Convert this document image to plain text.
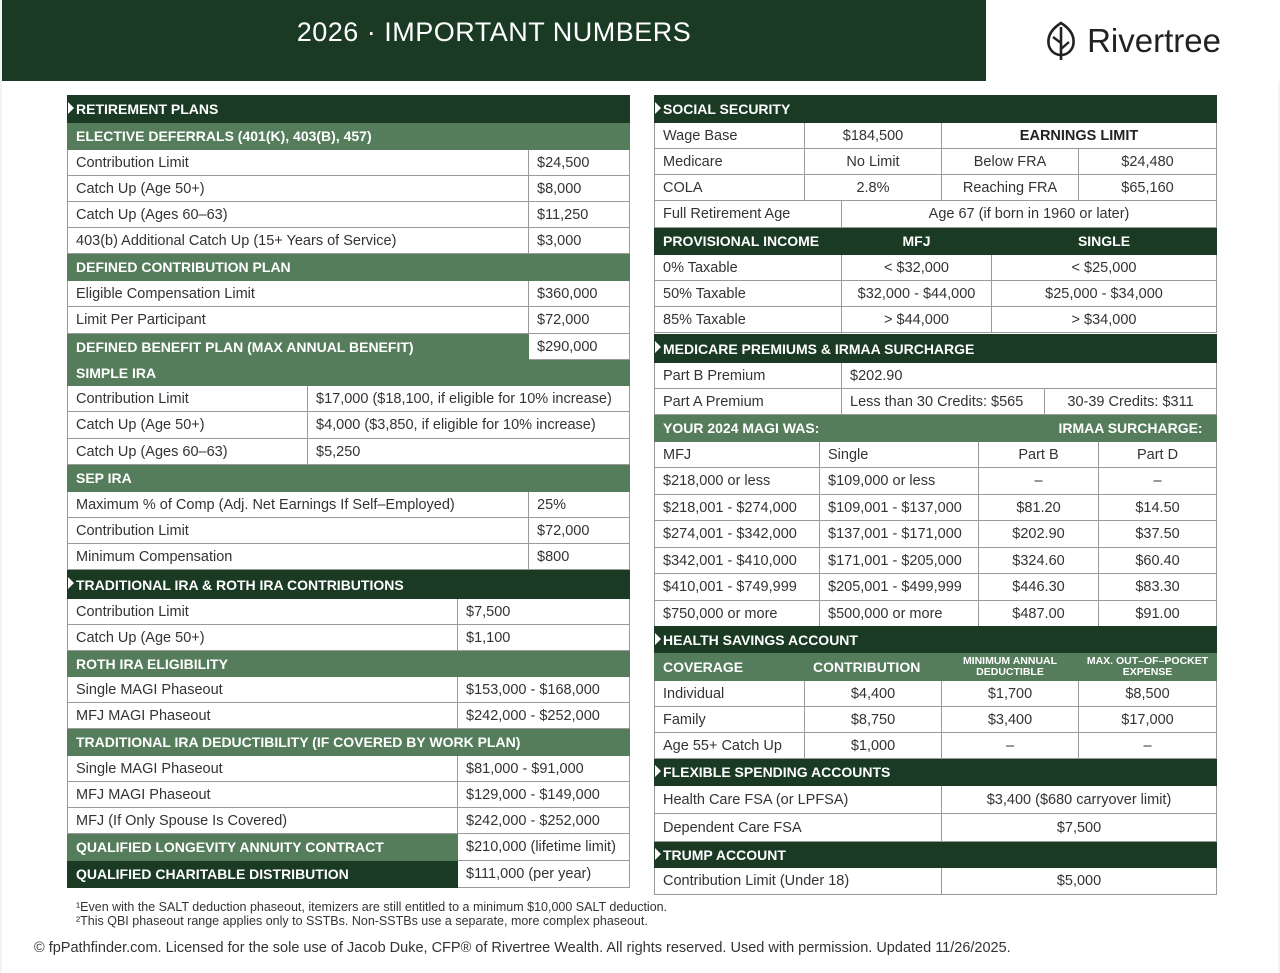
2026 · IMPORTANT NUMBERS	Rivertree
RETIREMENT PLANS		
ELECTIVE DEFERRALS (401(K), 403(B), 457)		
Contribution Limit		$24,500
Catch Up (Age 50+)		$8,000
Catch Up (Ages 60–63)		$11,250
403(b) Additional Catch Up (15+ Years of Service)		$3,000
DEFINED CONTRIBUTION PLAN		
Eligible Compensation Limit		$360,000
Limit Per Participant		$72,000
DEFINED BENEFIT PLAN (MAX ANNUAL BENEFIT)		$290,000
SIMPLE IRA		
Contribution Limit	$17,000 ($18,100, if eligible for 10% increase)	
Catch Up (Age 50+)	$4,000 ($3,850, if eligible for 10% increase)	
Catch Up (Ages 60–63)	$5,250	
SEP IRA		
Maximum % of Comp (Adj. Net Earnings If Self–Employed)		25%
Contribution Limit		$72,000
Minimum Compensation		$800
TRADITIONAL IRA & ROTH IRA CONTRIBUTIONS	
Contribution Limit	$7,500
Catch Up (Age 50+)	$1,100
ROTH IRA ELIGIBILITY	
Single MAGI Phaseout	$153,000 - $168,000
MFJ MAGI Phaseout	$242,000 - $252,000
TRADITIONAL IRA DEDUCTIBILITY (IF COVERED BY WORK PLAN)	
Single MAGI Phaseout	$81,000 - $91,000
MFJ MAGI Phaseout	$129,000 - $149,000
MFJ (If Only Spouse Is Covered)	$242,000 - $252,000
QUALIFIED LONGEVITY ANNUITY CONTRACT	$210,000 (lifetime limit)
QUALIFIED CHARITABLE DISTRIBUTION	$111,000 (per year)
SOCIAL SECURITY					
Wage Base	$184,500		EARNINGS LIMIT		
Medicare	No Limit		Below FRA		$24,480
COLA	2.8%		Reaching FRA		$65,160
Full Retirement Age		Age 67 (if born in 1960 or later)			
PROVISIONAL INCOME		MFJ		SINGLE	
0% Taxable		< $32,000		< $25,000	
50% Taxable		$32,000 - $44,000		$25,000 - $34,000	
85% Taxable		> $44,000		> $34,000	
MEDICARE PREMIUMS & IRMAA SURCHARGE					
Part B Premium		$202.90			
Part A Premium		Less than 30 Credits: $565		30-39 Credits: $311	
YOUR 2024 MAGI WAS:				IRMAA SURCHARGE:	
MFJ	Single		Part B		Part D
$218,000 or less	$109,000 or less		–		–
$218,001 - $274,000	$109,001 - $137,000		$81.20		$14.50
$274,001 - $342,000	$137,001 - $171,000		$202.90		$37.50
$342,001 - $410,000	$171,001 - $205,000		$324.60		$60.40
$410,001 - $749,999	$205,001 - $499,999		$446.30		$83.30
$750,000 or more	$500,000 or more		$487.00		$91.00
HEALTH SAVINGS ACCOUNT			
COVERAGE	CONTRIBUTION	MINIMUM ANNUAL DEDUCTIBLE	MAX. OUT–OF–POCKET EXPENSE
Individual	$4,400	$1,700	$8,500
Family	$8,750	$3,400	$17,000
Age 55+ Catch Up	$1,000	–	–
FLEXIBLE SPENDING ACCOUNTS			
Health Care FSA (or LPFSA)		$3,400 ($680 carryover limit)	
Dependent Care FSA		$7,500	
TRUMP ACCOUNT			
Contribution Limit (Under 18)		$5,000	
¹Even with the SALT deduction phaseout, itemizers are still entitled to a minimum $10,000 SALT deduction.
²This QBI phaseout range applies only to SSTBs. Non-SSTBs use a separate, more complex phaseout.
© fpPathfinder.com. Licensed for the sole use of Jacob Duke, CFP® of Rivertree Wealth. All rights reserved. Used with permission. Updated 11/26/2025.
